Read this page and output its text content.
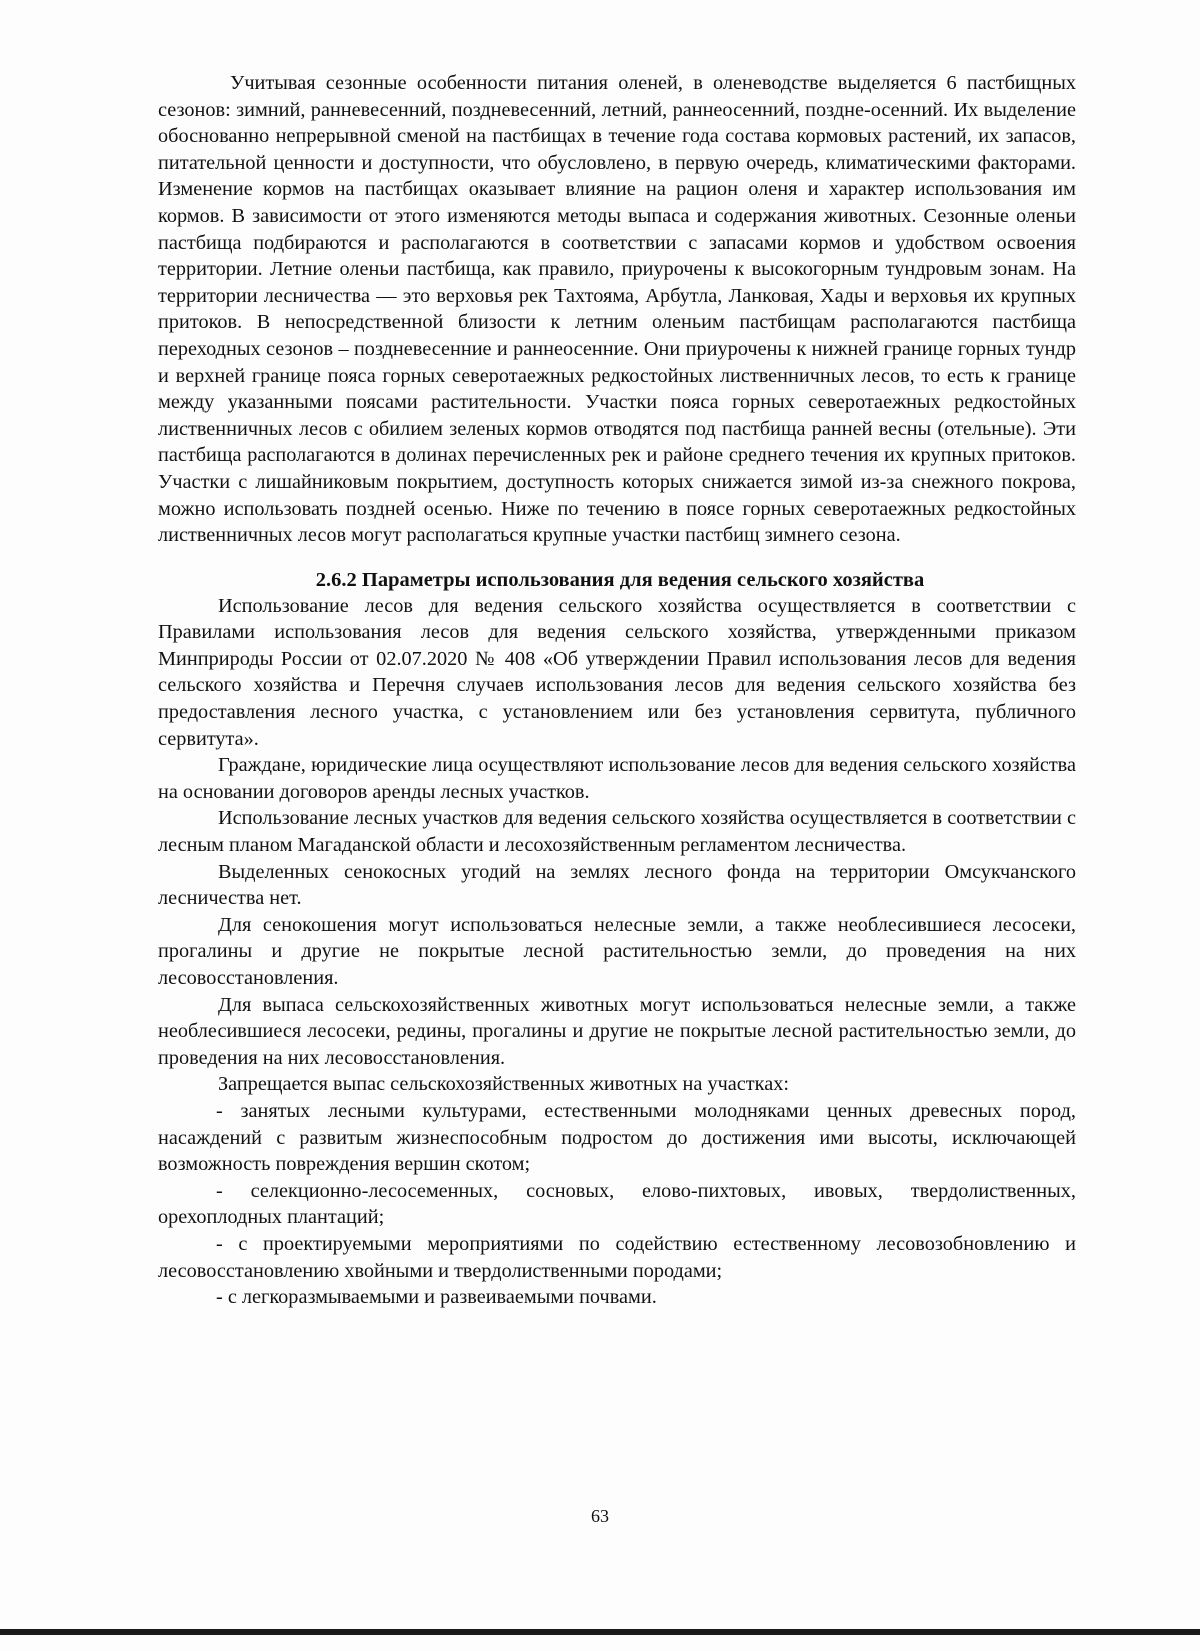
Учитывая сезонные особенности питания оленей, в оленеводстве выделяется 6 пастбищных сезонов: зимний, ранневесенний, поздневесенний, летний, раннеосенний, поздне-осенний. Их выделение обоснованно непрерывной сменой на пастбищах в течение года состава кормовых растений, их запасов, питательной ценности и доступности, что обусловлено, в первую очередь, климатическими факторами. Изменение кормов на пастбищах оказывает влияние на рацион оленя и характер использования им кормов. В зависимости от этого изменяются методы выпаса и содержания животных. Сезонные оленьи пастбища подбираются и располагаются в соответствии с запасами кормов и удобством освоения территории. Летние оленьи пастбища, как правило, приурочены к высокогорным тундровым зонам. На территории лесничества — это верховья рек Тахтояма, Арбутла, Ланковая, Хады и верховья их крупных притоков. В непосредственной близости к летним оленьим пастбищам располагаются пастбища переходных сезонов – поздневесенние и раннеосенние. Они приурочены к нижней границе горных тундр и верхней границе пояса горных северотаежных редкостойных лиственничных лесов, то есть к границе между указанными поясами растительности. Участки пояса горных северотаежных редкостойных лиственничных лесов с обилием зеленых кормов отводятся под пастбища ранней весны (отельные). Эти пастбища располагаются в долинах перечисленных рек и районе среднего течения их крупных притоков. Участки с лишайниковым покрытием, доступность которых снижается зимой из-за снежного покрова, можно использовать поздней осенью. Ниже по течению в поясе горных северотаежных редкостойных лиственничных лесов могут располагаться крупные участки пастбищ зимнего сезона.

2.6.2 Параметры использования для ведения сельского хозяйства

Использование лесов для ведения сельского хозяйства осуществляется в соответствии с Правилами использования лесов для ведения сельского хозяйства, утвержденными приказом Минприроды России от 02.07.2020 № 408 «Об утверждении Правил использования лесов для ведения сельского хозяйства и Перечня случаев использования лесов для ведения сельского хозяйства без предоставления лесного участка, с установлением или без установления сервитута, публичного сервитута».

Граждане, юридические лица осуществляют использование лесов для ведения сельского хозяйства на основании договоров аренды лесных участков.

Использование лесных участков для ведения сельского хозяйства осуществляется в соответствии с лесным планом Магаданской области и лесохозяйственным регламентом лесничества.

Выделенных сенокосных угодий на землях лесного фонда на территории Омсукчанского лесничества нет.

Для сенокошения могут использоваться нелесные земли, а также необлесившиеся лесосеки, прогалины и другие не покрытые лесной растительностью земли, до проведения на них лесовосстановления.

Для выпаса сельскохозяйственных животных могут использоваться нелесные земли, а также необлесившиеся лесосеки, редины, прогалины и другие не покрытые лесной растительностью земли, до проведения на них лесовосстановления.

Запрещается выпас сельскохозяйственных животных на участках:

- занятых лесными культурами, естественными молодняками ценных древесных пород, насаждений с развитым жизнеспособным подростом до достижения ими высоты, исключающей возможность повреждения вершин скотом;

- селекционно-лесосеменных, сосновых, елово-пихтовых, ивовых, твердолиственных, орехоплодных плантаций;

- с проектируемыми мероприятиями по содействию естественному лесовозобновлению и лесовосстановлению хвойными и твердолиственными породами;

- с легкоразмываемыми и развеиваемыми почвами.

63
